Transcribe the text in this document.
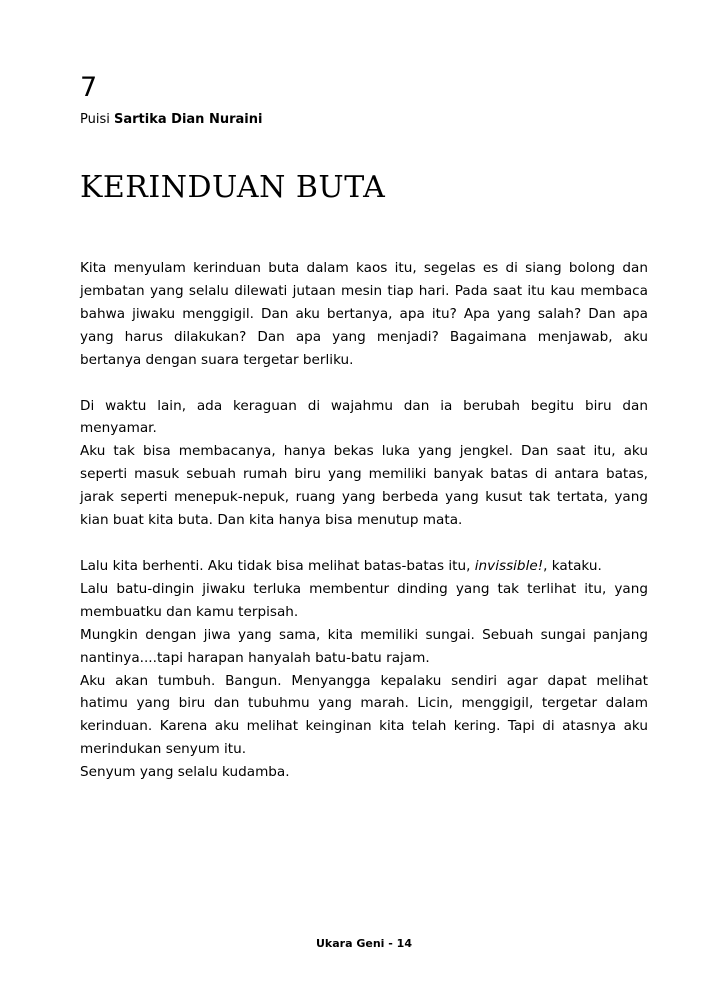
7
Puisi Sartika Dian Nuraini
KERINDUAN BUTA

Kita menyulam kerinduan buta dalam kaos itu, segelas es di siang bolong dan jembatan yang selalu dilewati jutaan mesin tiap hari. Pada saat itu kau membaca bahwa jiwaku menggigil. Dan aku bertanya, apa itu? Apa yang salah? Dan apa yang harus dilakukan? Dan apa yang menjadi? Bagaimana menjawab, aku bertanya dengan suara tergetar berliku.

Di waktu lain, ada keraguan di wajahmu dan ia berubah begitu biru dan menyamar.

Aku tak bisa membacanya, hanya bekas luka yang jengkel. Dan saat itu, aku seperti masuk sebuah rumah biru yang memiliki banyak batas di antara batas, jarak seperti menepuk-nepuk, ruang yang berbeda yang kusut tak tertata, yang kian buat kita buta. Dan kita hanya bisa menutup mata.

Lalu kita berhenti. Aku tidak bisa melihat batas-batas itu, invissible!, kataku.

Lalu batu-dingin jiwaku terluka membentur dinding yang tak terlihat itu, yang membuatku dan kamu terpisah.

Mungkin dengan jiwa yang sama, kita memiliki sungai. Sebuah sungai panjang nantinya....tapi harapan hanyalah batu-batu rajam.

Aku akan tumbuh. Bangun. Menyangga kepalaku sendiri agar dapat melihat hatimu yang biru dan tubuhmu yang marah. Licin, menggigil, tergetar dalam kerinduan. Karena aku melihat keinginan kita telah kering. Tapi di atasnya aku merindukan senyum itu.

Senyum yang selalu kudamba.

Ukara Geni - 14
